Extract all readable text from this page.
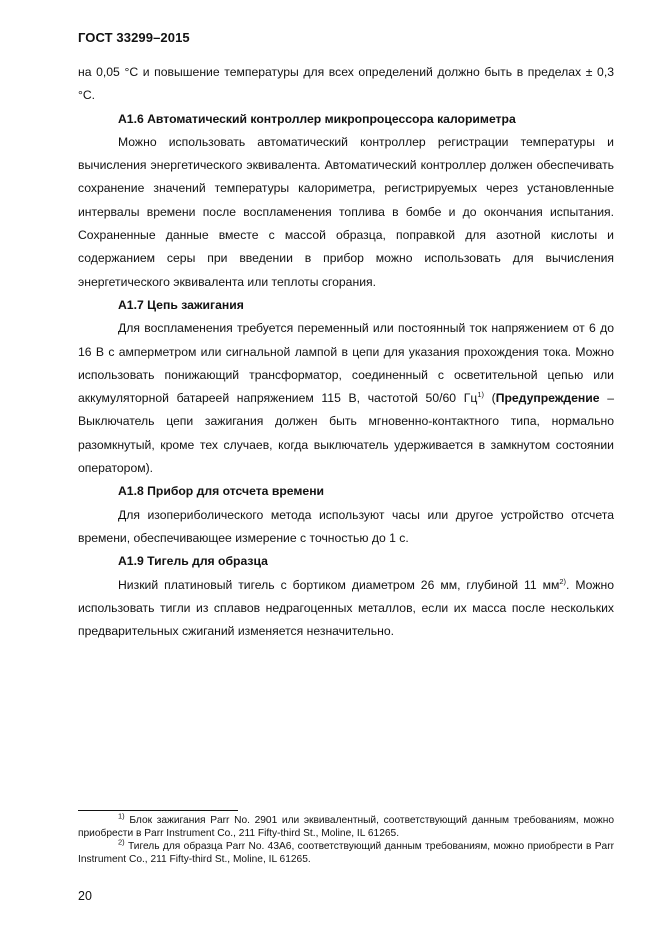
ГОСТ 33299–2015

на 0,05 °С и повышение температуры для всех определений должно быть в пределах ± 0,3 °С.

А1.6 Автоматический контроллер микропроцессора калориметра

Можно использовать автоматический контроллер регистрации температуры и вычисления энергетического эквивалента. Автоматический контроллер должен обеспечивать сохранение значений температуры калориметра, регистрируемых через установленные интервалы времени после воспламенения топлива в бомбе и до окончания испытания. Сохраненные данные вместе с массой образца, поправкой для азотной кислоты и содержанием серы при введении в прибор можно использовать для вычисления энергетического эквивалента или теплоты сгорания.

А1.7 Цепь зажигания

Для воспламенения требуется переменный или постоянный ток напряжением от 6 до 16 В с амперметром или сигнальной лампой в цепи для указания прохождения тока. Можно использовать понижающий трансформатор, соединенный с осветительной цепью или аккумуляторной батареей напряжением 115 В, частотой 50/60 $Гц^{1)}$ (Предупреждение – Выключатель цепи зажигания должен быть мгновенно-контактного типа, нормально разомкнутый, кроме тех случаев, когда выключатель удерживается в замкнутом состоянии оператором).

А1.8 Прибор для отсчета времени

Для изопериболического метода используют часы или другое устройство отсчета времени, обеспечивающее измерение с точностью до 1 с.

А1.9 Тигель для образца

Низкий платиновый тигель с бортиком диаметром 26 мм, глубиной 11 $мм^{2)}$. Можно использовать тигли из сплавов недрагоценных металлов, если их масса после нескольких предварительных сжиганий изменяется незначительно.

$^{1)}$ Блок зажигания Parr No. 2901 или эквивалентный, соответствующий данным требованиям, можно приобрести в Parr Instrument Co., 211 Fifty-third St., Moline, IL 61265.

$^{2)}$ Тигель для образца Parr No. 43A6, соответствующий данным требованиям, можно приобрести в Parr Instrument Co., 211 Fifty-third St., Moline, IL 61265.

20
